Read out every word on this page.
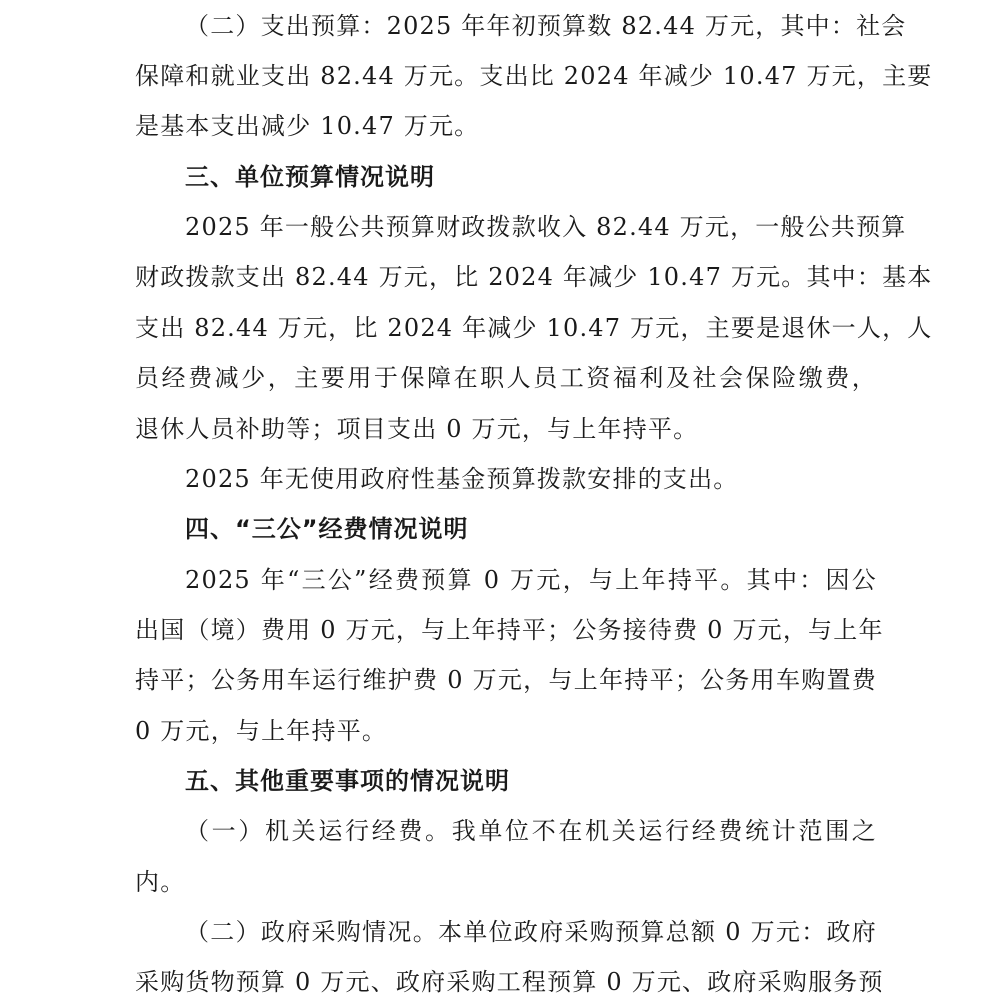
（二）支出预算：2025 年年初预算数 82.44 万元，其中：社会
保障和就业支出 82.44 万元。支出比 2024 年减少 10.47 万元，主要
是基本支出减少 10.47 万元。
三、单位预算情况说明
2025 年一般公共预算财政拨款收入 82.44 万元，一般公共预算
财政拨款支出 82.44 万元，比 2024 年减少 10.47 万元。其中：基本
支出 82.44 万元，比 2024 年减少 10.47 万元，主要是退休一人，人
员经费减少，主要用于保障在职人员工资福利及社会保险缴费，
退休人员补助等；项目支出 0 万元，与上年持平。
2025 年无使用政府性基金预算拨款安排的支出。
四、“三公”经费情况说明
2025 年“三公”经费预算 0 万元，与上年持平。其中：因公
出国（境）费用 0 万元，与上年持平；公务接待费 0 万元，与上年
持平；公务用车运行维护费 0 万元，与上年持平；公务用车购置费
0 万元，与上年持平。
五、其他重要事项的情况说明
（一）机关运行经费。我单位不在机关运行经费统计范围之
内。
（二）政府采购情况。本单位政府采购预算总额 0 万元：政府
采购货物预算 0 万元、政府采购工程预算 0 万元、政府采购服务预
